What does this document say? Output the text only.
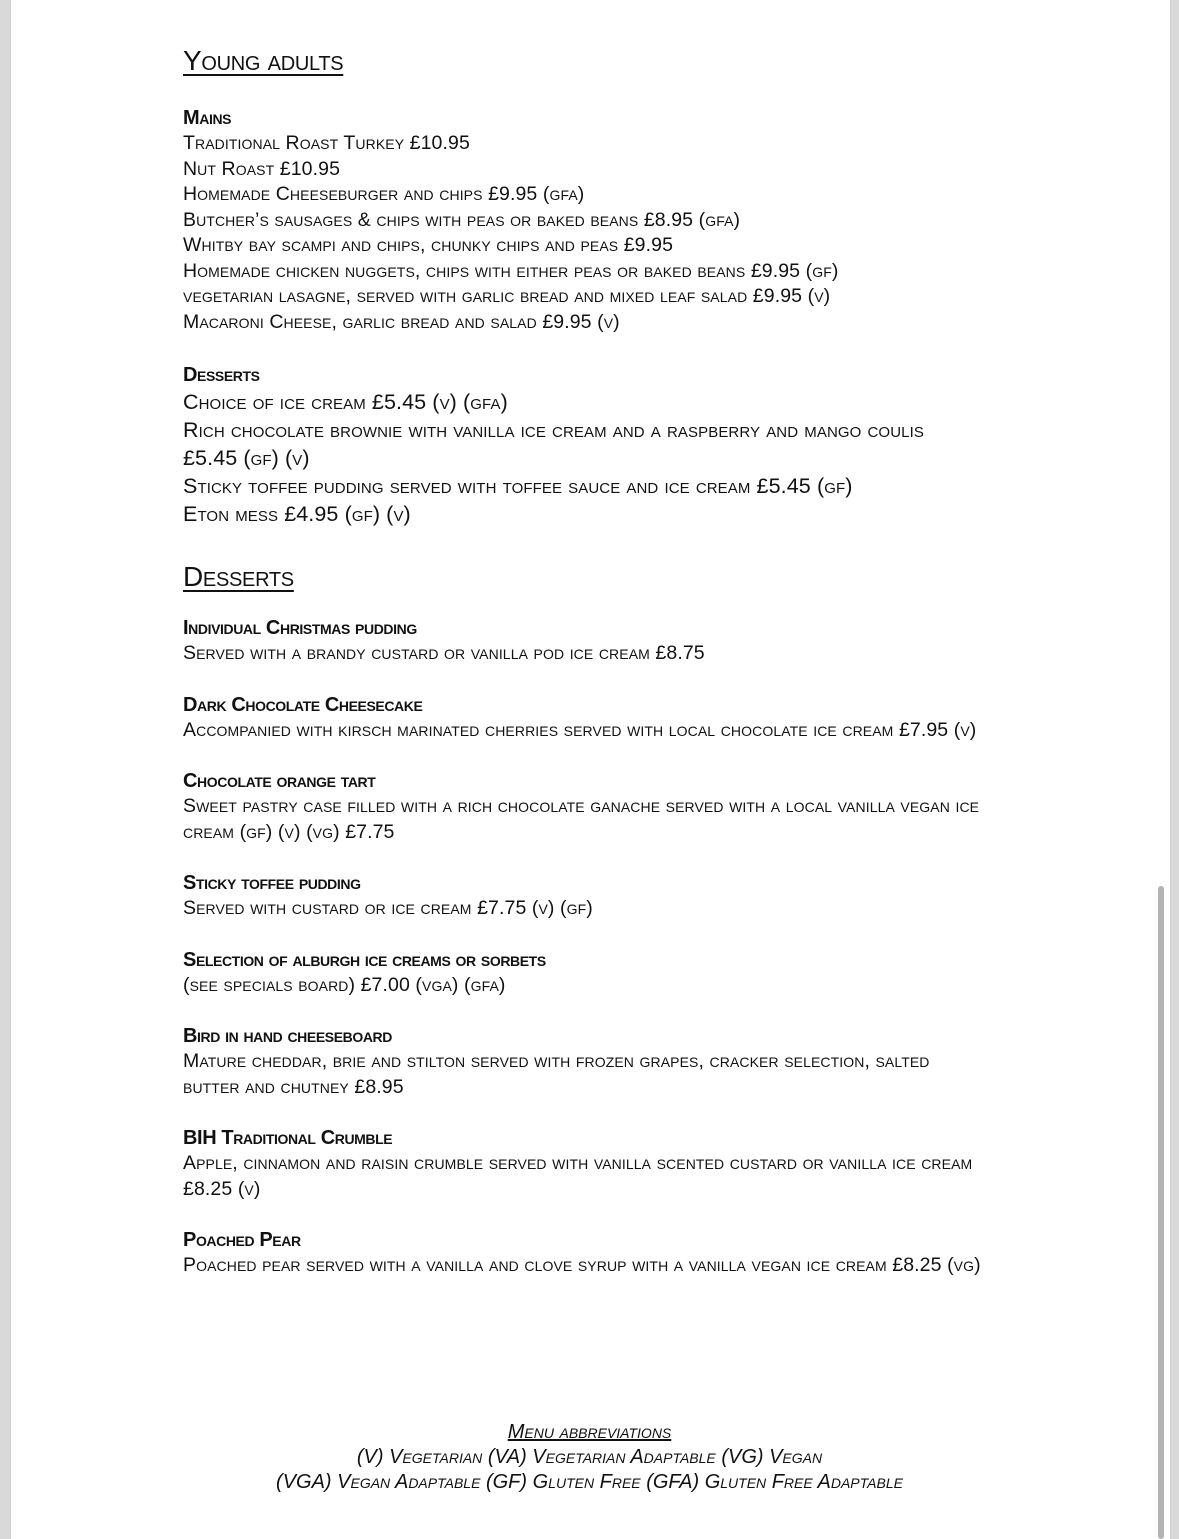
Young adults
Mains
Traditional Roast Turkey £10.95
Nut Roast £10.95
Homemade Cheeseburger and chips £9.95 (gfa)
Butcher’s sausages & chips with peas or baked beans £8.95 (gfa)
Whitby bay scampi and chips, chunky chips and peas £9.95
Homemade chicken nuggets, chips with either peas or baked beans £9.95 (gf)
vegetarian lasagne, served with garlic bread and mixed leaf salad £9.95 (v)
Macaroni Cheese, garlic bread and salad £9.95 (v)
Desserts
Choice of ice cream £5.45 (v) (gfa)
Rich chocolate brownie with vanilla ice cream and a raspberry and mango coulis £5.45 (gf) (v)
Sticky toffee pudding served with toffee sauce and ice cream £5.45 (gf)
Eton mess £4.95 (gf) (v)
Desserts
Individual Christmas pudding
Served with a brandy custard or vanilla pod ice cream £8.75
Dark Chocolate Cheesecake
Accompanied with kirsch marinated cherries served with local chocolate ice cream £7.95 (v)
Chocolate orange tart
Sweet pastry case filled with a rich chocolate ganache served with a local vanilla vegan ice cream (gf) (v) (vg) £7.75
Sticky toffee pudding
Served with custard or ice cream £7.75 (v) (gf)
Selection of alburgh ice creams or sorbets
(see specials board) £7.00 (vga) (gfa)
Bird in hand cheeseboard
Mature cheddar, brie and stilton served with frozen grapes, cracker selection, salted butter and chutney £8.95
BIH Traditional Crumble
Apple, cinnamon and raisin crumble served with vanilla scented custard or vanilla ice cream £8.25 (v)
Poached Pear
Poached pear served with a vanilla and clove syrup with a vanilla vegan ice cream £8.25 (vg)
Menu abbreviations
(V) Vegetarian (VA) Vegetarian Adaptable (VG) Vegan
(VGA) Vegan Adaptable (GF) Gluten Free (GFA) Gluten Free Adaptable
